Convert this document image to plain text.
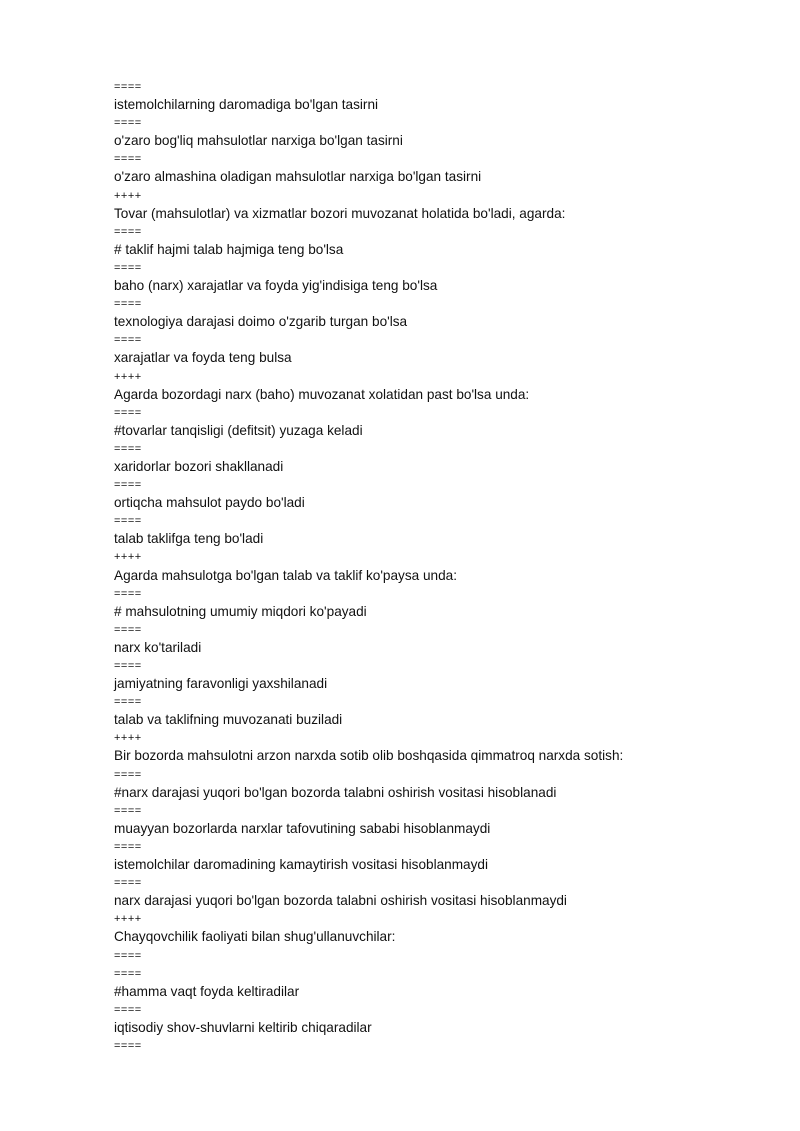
====
istemolchilarning daromadiga bo'lgan tasirni
====
o'zaro bog'liq mahsulotlar narxiga bo'lgan tasirni
====
o'zaro almashina oladigan mahsulotlar narxiga bo'lgan tasirni
++++
Tovar (mahsulotlar) va xizmatlar bozori muvozanat holatida bo'ladi, agarda:
====
# taklif hajmi talab hajmiga teng bo'lsa
====
baho (narx) xarajatlar va foyda yig'indisiga teng bo'lsa
====
texnologiya darajasi doimo o'zgarib turgan bo'lsa
====
xarajatlar va foyda teng bulsa
++++
Agarda bozordagi narx (baho) muvozanat xolatidan past bo'lsa unda:
====
#tovarlar tanqisligi (defitsit) yuzaga keladi
====
xaridorlar bozori shakllanadi
====
ortiqcha mahsulot paydo bo'ladi
====
talab taklifga teng bo'ladi
++++
Agarda mahsulotga bo'lgan talab va taklif ko'paysa unda:
====
# mahsulotning umumiy miqdori ko'payadi
====
narx ko'tariladi
====
jamiyatning faravonligi yaxshilanadi
====
talab va taklifning muvozanati buziladi
++++
Bir bozorda mahsulotni arzon narxda sotib olib boshqasida qimmatroq narxda sotish:
====
#narx darajasi yuqori bo'lgan bozorda talabni oshirish vositasi hisoblanadi
====
muayyan bozorlarda narxlar tafovutining sababi hisoblanmaydi
====
istemolchilar daromadining kamaytirish vositasi hisoblanmaydi
====
narx darajasi yuqori bo'lgan bozorda talabni oshirish vositasi hisoblanmaydi
++++
Chayqovchilik faoliyati bilan shug'ullanuvchilar:
====
====
#hamma vaqt foyda keltiradilar
====
iqtisodiy shov-shuvlarni keltirib chiqaradilar
====
